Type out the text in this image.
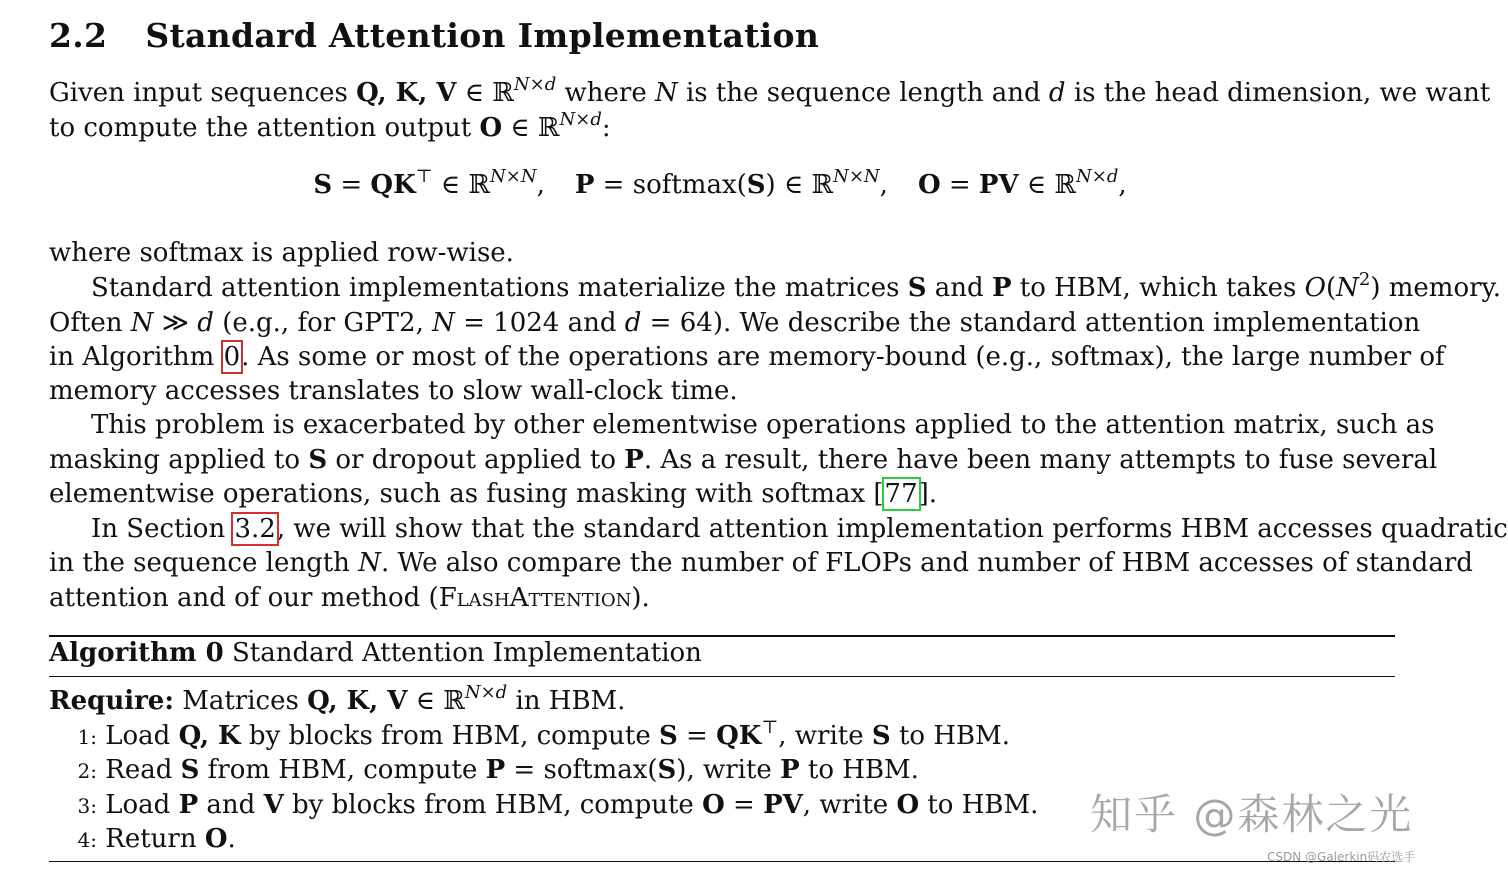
2.2 Standard Attention Implementation
Given input sequences Q, K, V ∈ ℝ$^{N\times d}$ where N is the sequence length and d is the head dimension, we want
to compute the attention output O ∈ ℝ$^{N\times d}$:
S = QK⊤ ∈ ℝ$^{N\times N}$, P = softmax(S) ∈ ℝ$^{N\times N}$, O = PV ∈ ℝ$^{N\times d}$,
where softmax is applied row-wise.
Standard attention implementations materialize the matrices S and P to HBM, which takes $O(N^2)$ memory.
Often N ≫ d (e.g., for GPT2, N = 1024 and d = 64). We describe the standard attention implementation
in Algorithm 0. As some or most of the operations are memory-bound (e.g., softmax), the large number of
memory accesses translates to slow wall-clock time.
This problem is exacerbated by other elementwise operations applied to the attention matrix, such as
masking applied to S or dropout applied to P. As a result, there have been many attempts to fuse several
elementwise operations, such as fusing masking with softmax [77].
In Section 3.2, we will show that the standard attention implementation performs HBM accesses quadratic
in the sequence length N. We also compare the number of FLOPs and number of HBM accesses of standard
attention and of our method (FlashAttention).
Algorithm 0 Standard Attention Implementation
Require: Matrices Q, K, V ∈ ℝ$^{N\times d}$ in HBM.
1: Load Q, K by blocks from HBM, compute S = QK⊤, write S to HBM.
2: Read S from HBM, compute P = softmax(S), write P to HBM.
3: Load P and V by blocks from HBM, compute O = PV, write O to HBM.
4: Return O.	知乎 @森林之光
CSDN @Galerkin码农选手
